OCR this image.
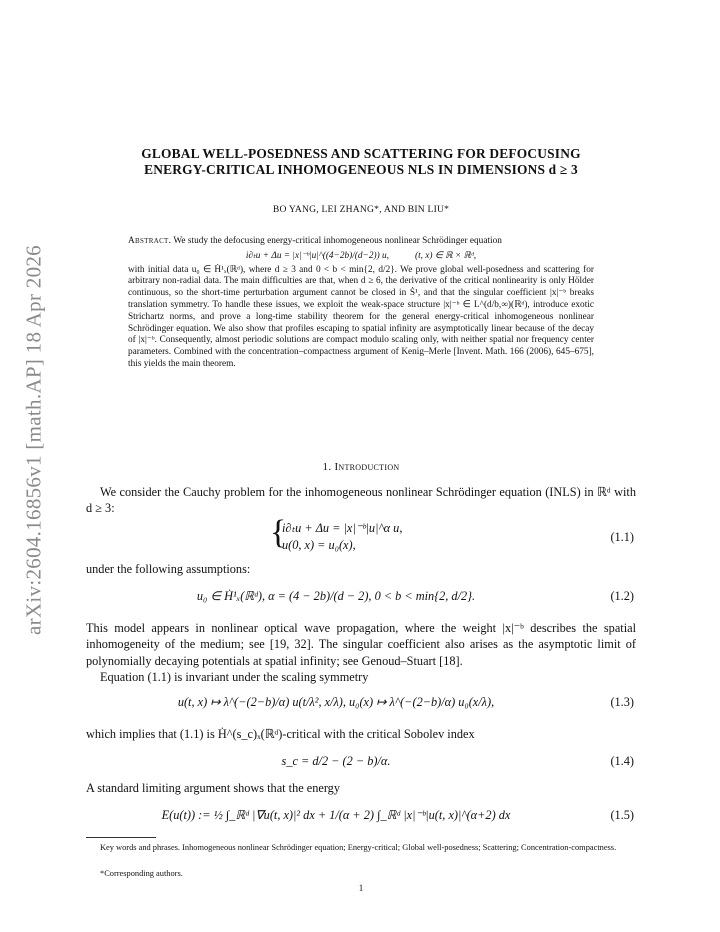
arXiv:2604.16856v1 [math.AP] 18 Apr 2026
GLOBAL WELL-POSEDNESS AND SCATTERING FOR DEFOCUSING
ENERGY-CRITICAL INHOMOGENEOUS NLS IN DIMENSIONS d ≥ 3
BO YANG, LEI ZHANG*, AND BIN LIU*
Abstract. We study the defocusing energy-critical inhomogeneous nonlinear Schrödinger equation
i∂ₜu + Δu = |x|⁻ᵇ|u|^((4−2b)/(d−2)) u,	(t, x) ∈ ℝ × ℝᵈ,
with initial data u₀ ∈ Ḣ¹ₓ(ℝᵈ), where d ≥ 3 and 0 < b < min{2, d/2}. We prove global well-posedness and scattering for arbitrary non-radial data. The main difficulties are that, when d ≥ 6, the derivative of the critical nonlinearity is only Hölder continuous, so the short-time perturbation argument cannot be closed in Ṡ¹, and that the singular coefficient |x|⁻ᵇ breaks translation symmetry. To handle these issues, we exploit the weak-space structure |x|⁻ᵇ ∈ L^(d/b,∞)(ℝᵈ), introduce exotic Strichartz norms, and prove a long-time stability theorem for the general energy-critical inhomogeneous nonlinear Schrödinger equation. We also show that profiles escaping to spatial infinity are asymptotically linear because of the decay of |x|⁻ᵇ. Consequently, almost periodic solutions are compact modulo scaling only, with neither spatial nor frequency center parameters. Combined with the concentration–compactness argument of Kenig–Merle [Invent. Math. 166 (2006), 645–675], this yields the main theorem.
1. Introduction
We consider the Cauchy problem for the inhomogeneous nonlinear Schrödinger equation (INLS) in ℝᵈ with d ≥ 3:
{
i∂ₜu + Δu = |x|⁻ᵇ|u|^α u,
u(0, x) = u₀(x),
(1.1)
under the following assumptions:
u₀ ∈ Ḣ¹ₓ(ℝᵈ), α = (4 − 2b)/(d − 2), 0 < b < min{2, d/2}.	(1.2)
This model appears in nonlinear optical wave propagation, where the weight |x|⁻ᵇ describes the spatial inhomogeneity of the medium; see [19, 32]. The singular coefficient also arises as the asymptotic limit of polynomially decaying potentials at spatial infinity; see Genoud–Stuart [18].
Equation (1.1) is invariant under the scaling symmetry
u(t, x) ↦ λ^(−(2−b)/α) u(t/λ², x/λ), u₀(x) ↦ λ^(−(2−b)/α) u₀(x/λ),	(1.3)
which implies that (1.1) is Ḣ^(s_c)ₓ(ℝᵈ)-critical with the critical Sobolev index
s_c = d/2 − (2 − b)/α.	(1.4)
A standard limiting argument shows that the energy
E(u(t)) := ½ ∫_ℝᵈ |∇u(t, x)|² dx + 1/(α + 2) ∫_ℝᵈ |x|⁻ᵇ|u(t, x)|^(α+2) dx	(1.5)
Key words and phrases. Inhomogeneous nonlinear Schrödinger equation; Energy-critical; Global well-posedness; Scattering; Concentration-compactness.
*Corresponding authors.
1
